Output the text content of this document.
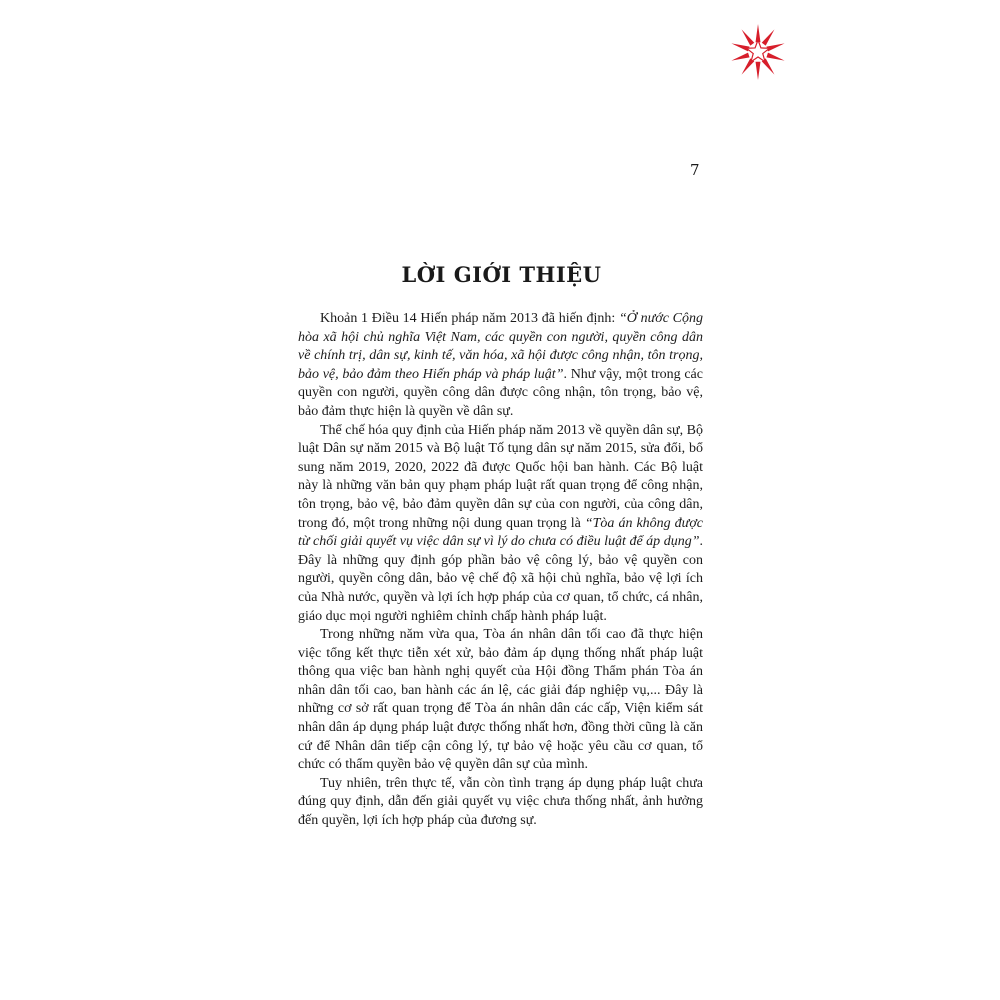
7
LỜI GIỚI THIỆU

Khoản 1 Điều 14 Hiến pháp năm 2013 đã hiến định: “Ở nước Cộng hòa xã hội chủ nghĩa Việt Nam, các quyền con người, quyền công dân về chính trị, dân sự, kinh tế, văn hóa, xã hội được công nhận, tôn trọng, bảo vệ, bảo đảm theo Hiến pháp và pháp luật”. Như vậy, một trong các quyền con người, quyền công dân được công nhận, tôn trọng, bảo vệ, bảo đảm thực hiện là quyền về dân sự.

Thể chế hóa quy định của Hiến pháp năm 2013 về quyền dân sự, Bộ luật Dân sự năm 2015 và Bộ luật Tố tụng dân sự năm 2015, sửa đổi, bổ sung năm 2019, 2020, 2022 đã được Quốc hội ban hành. Các Bộ luật này là những văn bản quy phạm pháp luật rất quan trọng để công nhận, tôn trọng, bảo vệ, bảo đảm quyền dân sự của con người, của công dân, trong đó, một trong những nội dung quan trọng là “Tòa án không được từ chối giải quyết vụ việc dân sự vì lý do chưa có điều luật để áp dụng”. Đây là những quy định góp phần bảo vệ công lý, bảo vệ quyền con người, quyền công dân, bảo vệ chế độ xã hội chủ nghĩa, bảo vệ lợi ích của Nhà nước, quyền và lợi ích hợp pháp của cơ quan, tổ chức, cá nhân, giáo dục mọi người nghiêm chỉnh chấp hành pháp luật.

Trong những năm vừa qua, Tòa án nhân dân tối cao đã thực hiện việc tổng kết thực tiễn xét xử, bảo đảm áp dụng thống nhất pháp luật thông qua việc ban hành nghị quyết của Hội đồng Thẩm phán Tòa án nhân dân tối cao, ban hành các án lệ, các giải đáp nghiệp vụ,... Đây là những cơ sở rất quan trọng để Tòa án nhân dân các cấp, Viện kiểm sát nhân dân áp dụng pháp luật được thống nhất hơn, đồng thời cũng là căn cứ để Nhân dân tiếp cận công lý, tự bảo vệ hoặc yêu cầu cơ quan, tổ chức có thẩm quyền bảo vệ quyền dân sự của mình.

Tuy nhiên, trên thực tế, vẫn còn tình trạng áp dụng pháp luật chưa đúng quy định, dẫn đến giải quyết vụ việc chưa thống nhất, ảnh hưởng đến quyền, lợi ích hợp pháp của đương sự.
